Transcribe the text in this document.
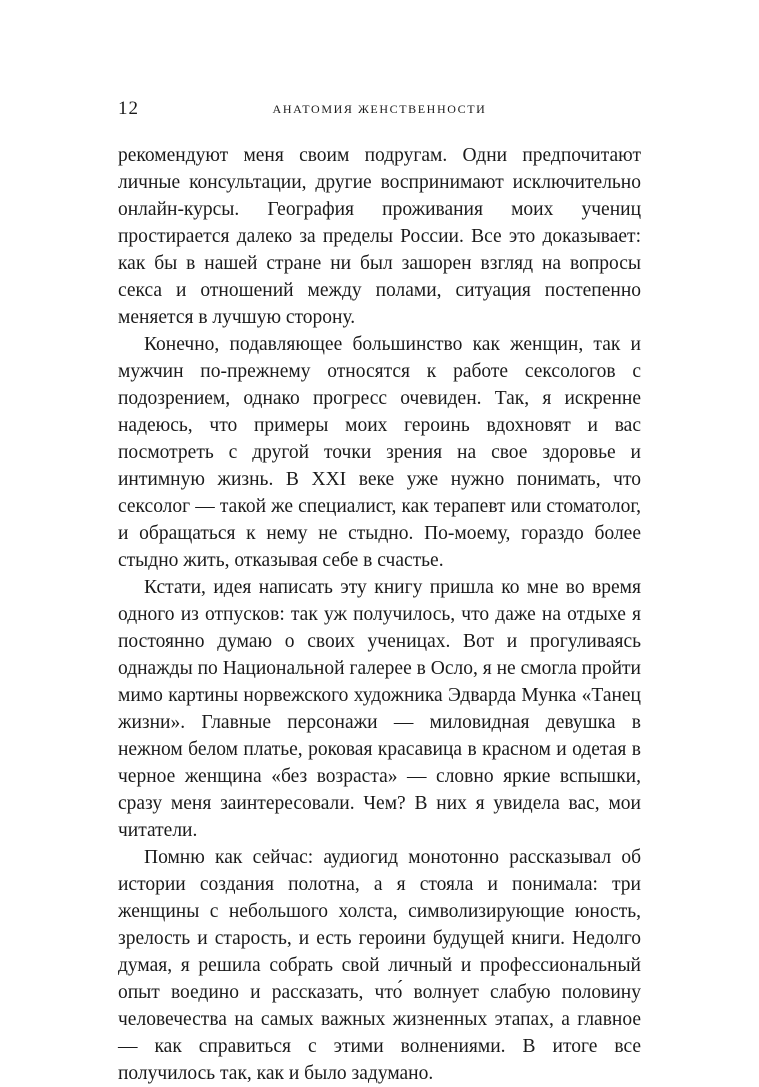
12	АНАТОМИЯ ЖЕНСТВЕННОСТИ

рекомендуют меня своим подругам. Одни предпочитают личные консультации, другие воспринимают исключительно онлайн-курсы. География проживания моих учениц простирается далеко за пределы России. Все это доказывает: как бы в нашей стране ни был зашорен взгляд на вопросы секса и отношений между полами, ситуация постепенно меняется в лучшую сторону.

Конечно, подавляющее большинство как женщин, так и мужчин по-прежнему относятся к работе сексологов с подозрением, однако прогресс очевиден. Так, я искренне надеюсь, что примеры моих героинь вдохновят и вас посмотреть с другой точки зрения на свое здоровье и интимную жизнь. В XXI веке уже нужно понимать, что сексолог — такой же специалист, как терапевт или стоматолог, и обращаться к нему не стыдно. По-моему, гораздо более стыдно жить, отказывая себе в счастье.

Кстати, идея написать эту книгу пришла ко мне во время одного из отпусков: так уж получилось, что даже на отдыхе я постоянно думаю о своих ученицах. Вот и прогуливаясь однажды по Национальной галерее в Осло, я не смогла пройти мимо картины норвежского художника Эдварда Мунка «Танец жизни». Главные персонажи — миловидная девушка в нежном белом платье, роковая красавица в красном и одетая в черное женщина «без возраста» — словно яркие вспышки, сразу меня заинтересовали. Чем? В них я увидела вас, мои читатели.

Помню как сейчас: аудиогид монотонно рассказывал об истории создания полотна, а я стояла и понимала: три женщины с небольшого холста, символизирующие юность, зрелость и старость, и есть героини будущей книги. Недолго думая, я решила собрать свой личный и профессиональный опыт воедино и рассказать, что́ волнует слабую половину человечества на самых важных жизненных этапах, а главное — как справиться с этими волнениями. В итоге все получилось так, как и было задумано.
